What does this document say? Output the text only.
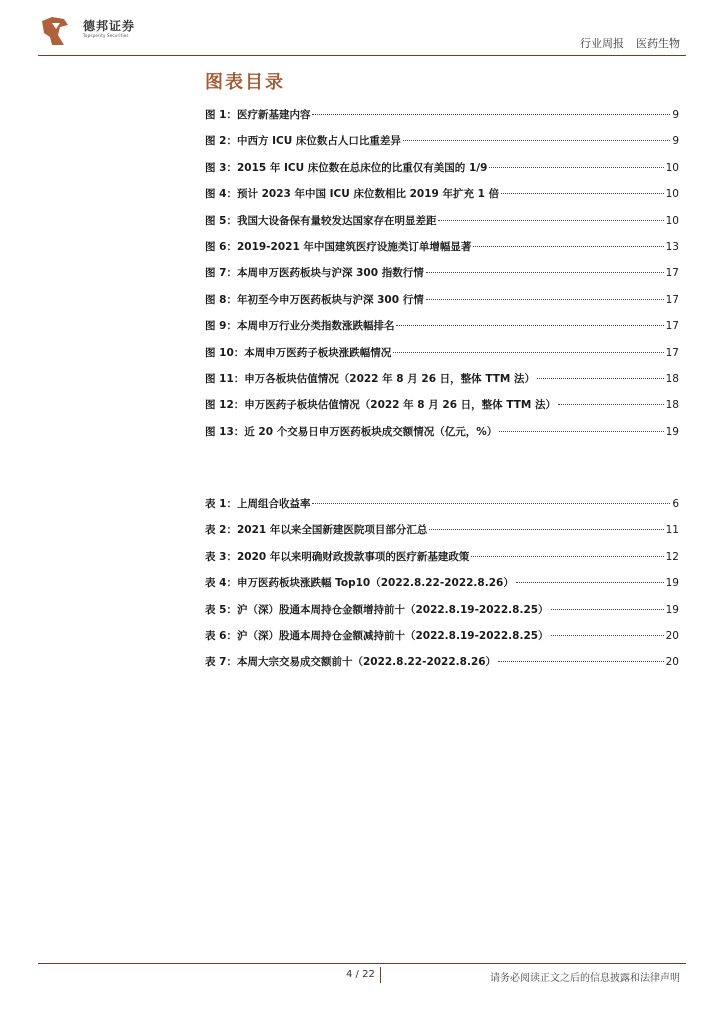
德邦证券
Topsperity Securities
行业周报 医药生物
图表目录
图 1：医疗新基建内容	9
图 2：中西方 ICU 床位数占人口比重差异	9
图 3：2015 年 ICU 床位数在总床位的比重仅有美国的 1/9	10
图 4：预计 2023 年中国 ICU 床位数相比 2019 年扩充 1 倍	10
图 5：我国大设备保有量较发达国家存在明显差距	10
图 6：2019-2021 年中国建筑医疗设施类订单增幅显著	13
图 7：本周申万医药板块与沪深 300 指数行情	17
图 8：年初至今申万医药板块与沪深 300 行情	17
图 9：本周申万行业分类指数涨跌幅排名	17
图 10：本周申万医药子板块涨跌幅情况	17
图 11：申万各板块估值情况（2022 年 8 月 26 日，整体 TTM 法）	18
图 12：申万医药子板块估值情况（2022 年 8 月 26 日，整体 TTM 法）	18
图 13：近 20 个交易日申万医药板块成交额情况（亿元，%）	19
表 1：上周组合收益率	6
表 2：2021 年以来全国新建医院项目部分汇总	11
表 3：2020 年以来明确财政拨款事项的医疗新基建政策	12
表 4：申万医药板块涨跌幅 Top10（2022.8.22-2022.8.26）	19
表 5：沪（深）股通本周持仓金额增持前十（2022.8.19-2022.8.25）	19
表 6：沪（深）股通本周持仓金额减持前十（2022.8.19-2022.8.25）	20
表 7：本周大宗交易成交额前十（2022.8.22-2022.8.26）	20
4 / 22	请务必阅读正文之后的信息披露和法律声明
